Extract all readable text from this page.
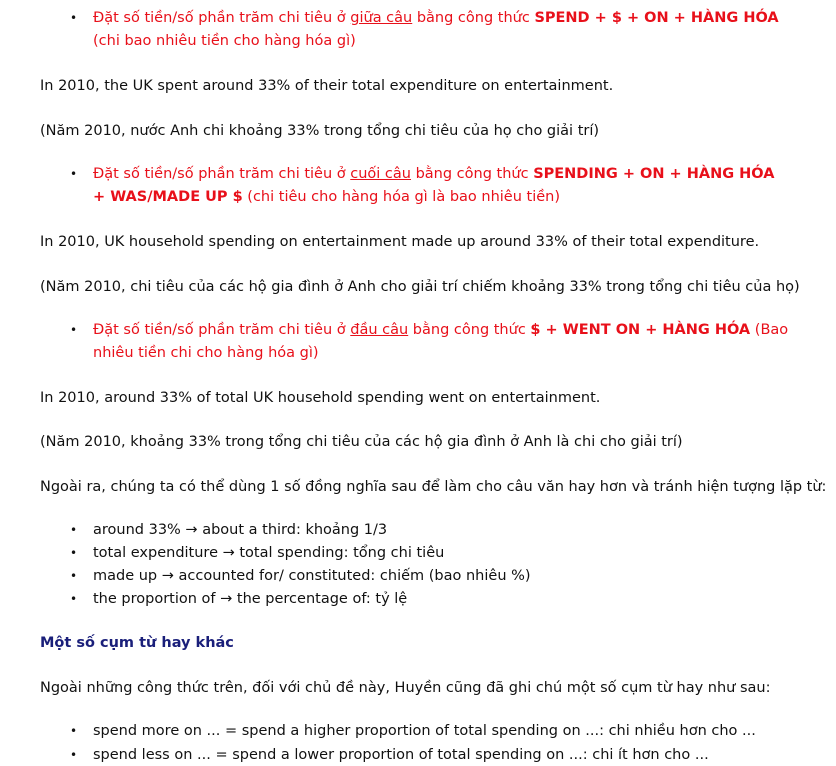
• Đặt số tiền/số phần trăm chi tiêu ở giữa câu bằng công thức SPEND + $ + ON + HÀNG HÓA (chi bao nhiêu tiền cho hàng hóa gì)
In 2010, the UK spent around 33% of their total expenditure on entertainment.
(Năm 2010, nước Anh chi khoảng 33% trong tổng chi tiêu của họ cho giải trí)
• Đặt số tiền/số phần trăm chi tiêu ở cuối câu bằng công thức SPENDING + ON + HÀNG HÓA + WAS/MADE UP $ (chi tiêu cho hàng hóa gì là bao nhiêu tiền)
In 2010, UK household spending on entertainment made up around 33% of their total expenditure.
(Năm 2010, chi tiêu của các hộ gia đình ở Anh cho giải trí chiếm khoảng 33% trong tổng chi tiêu của họ)
• Đặt số tiền/số phần trăm chi tiêu ở đầu câu bằng công thức $ + WENT ON + HÀNG HÓA (Bao nhiêu tiền chi cho hàng hóa gì)
In 2010, around 33% of total UK household spending went on entertainment.
(Năm 2010, khoảng 33% trong tổng chi tiêu của các hộ gia đình ở Anh là chi cho giải trí)
Ngoài ra, chúng ta có thể dùng 1 số đồng nghĩa sau để làm cho câu văn hay hơn và tránh hiện tượng lặp từ:
• around 33% → about a third: khoảng 1/3
• total expenditure → total spending: tổng chi tiêu
• made up → accounted for/ constituted: chiếm (bao nhiêu %)
• the proportion of → the percentage of: tỷ lệ
Một số cụm từ hay khác
Ngoài những công thức trên, đối với chủ đề này, Huyền cũng đã ghi chú một số cụm từ hay như sau:
• spend more on ... = spend a higher proportion of total spending on ...: chi nhiều hơn cho ...
• spend less on ... = spend a lower proportion of total spending on ...: chi ít hơn cho ...
